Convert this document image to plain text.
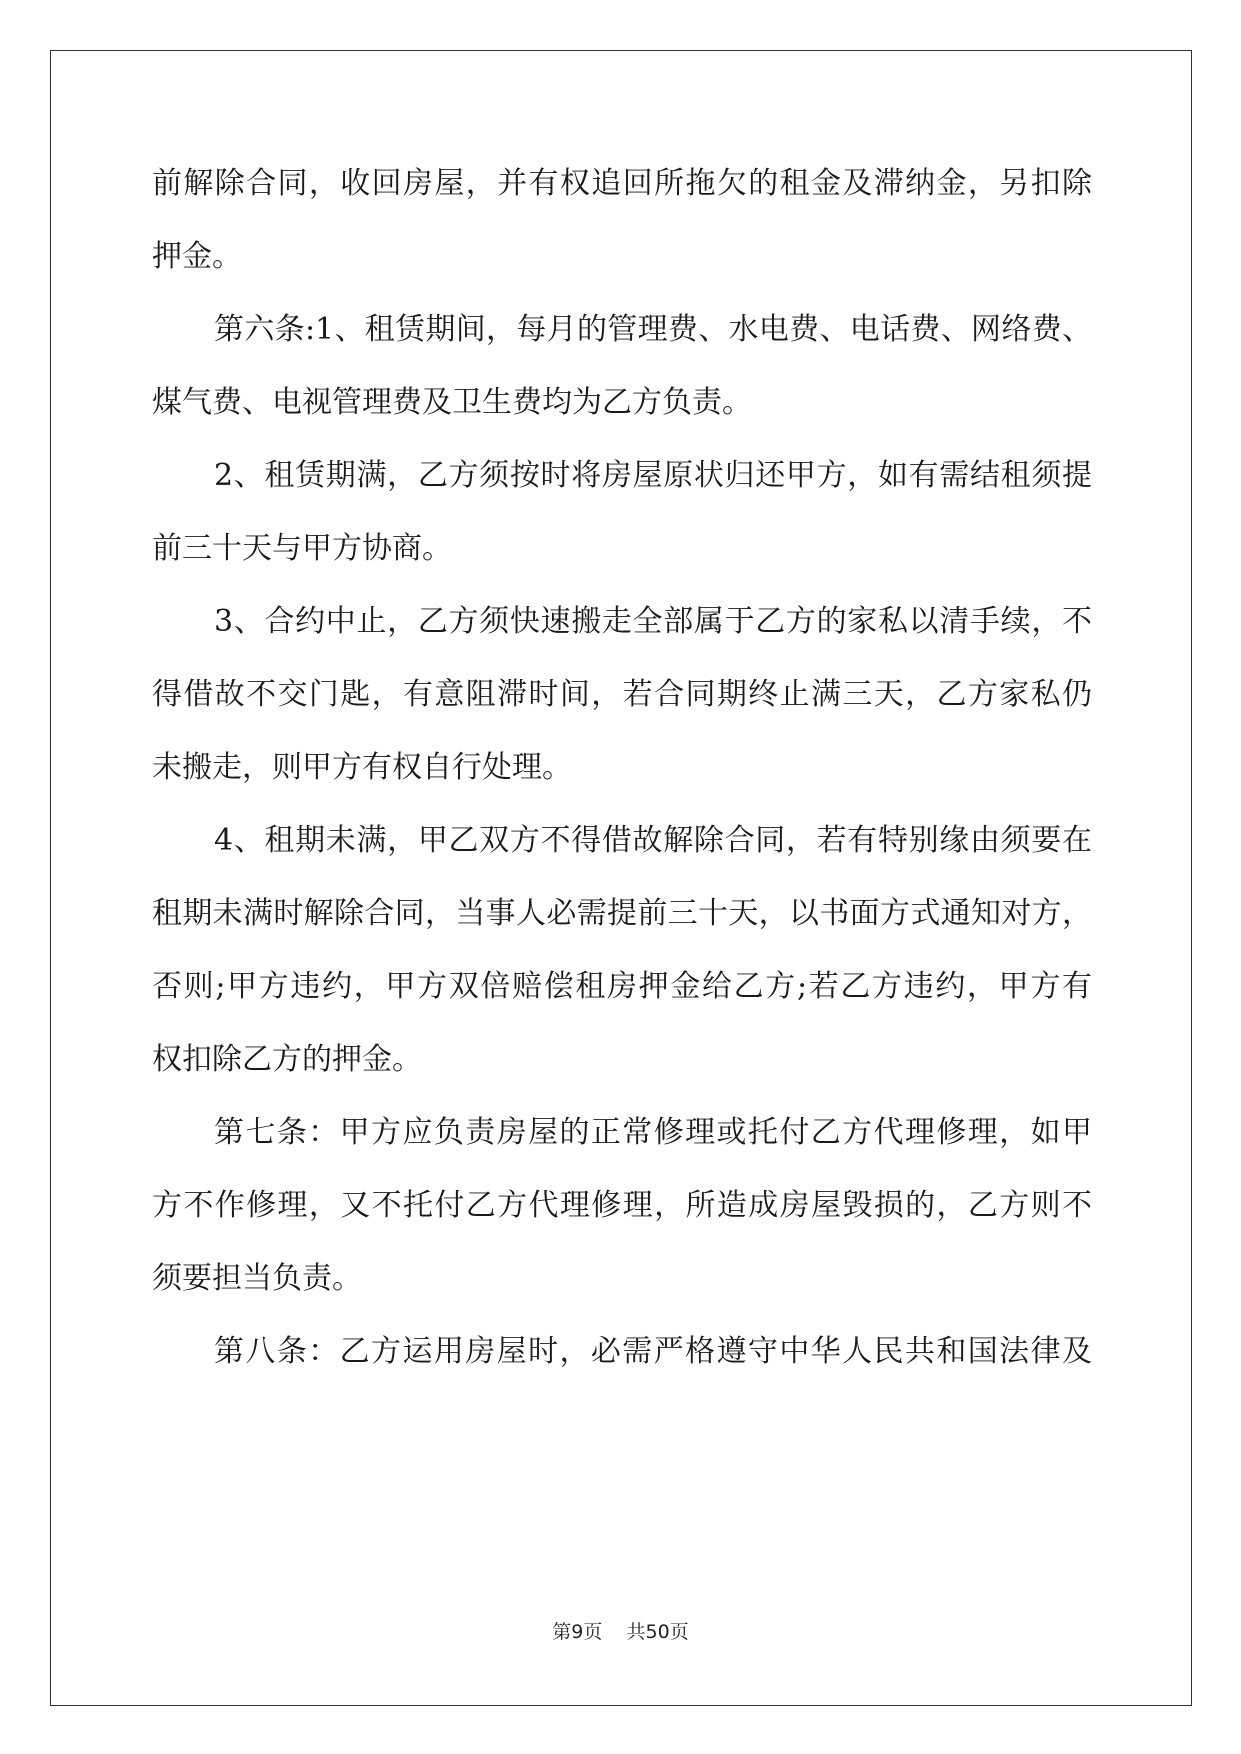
前解除合同，收回房屋，并有权追回所拖欠的租金及滞纳金，另扣除
押金。
第六条:1、租赁期间，每月的管理费、水电费、电话费、网络费、
煤气费、电视管理费及卫生费均为乙方负责。
2、租赁期满，乙方须按时将房屋原状归还甲方，如有需结租须提
前三十天与甲方协商。
3、合约中止，乙方须快速搬走全部属于乙方的家私以清手续，不
得借故不交门匙，有意阻滞时间，若合同期终止满三天，乙方家私仍
未搬走，则甲方有权自行处理。
4、租期未满，甲乙双方不得借故解除合同，若有特别缘由须要在
租期未满时解除合同，当事人必需提前三十天，以书面方式通知对方，
否则;甲方违约，甲方双倍赔偿租房押金给乙方;若乙方违约，甲方有
权扣除乙方的押金。
第七条：甲方应负责房屋的正常修理或托付乙方代理修理，如甲
方不作修理，又不托付乙方代理修理，所造成房屋毁损的，乙方则不
须要担当负责。
第八条：乙方运用房屋时，必需严格遵守中华人民共和国法律及
第9页 共50页
